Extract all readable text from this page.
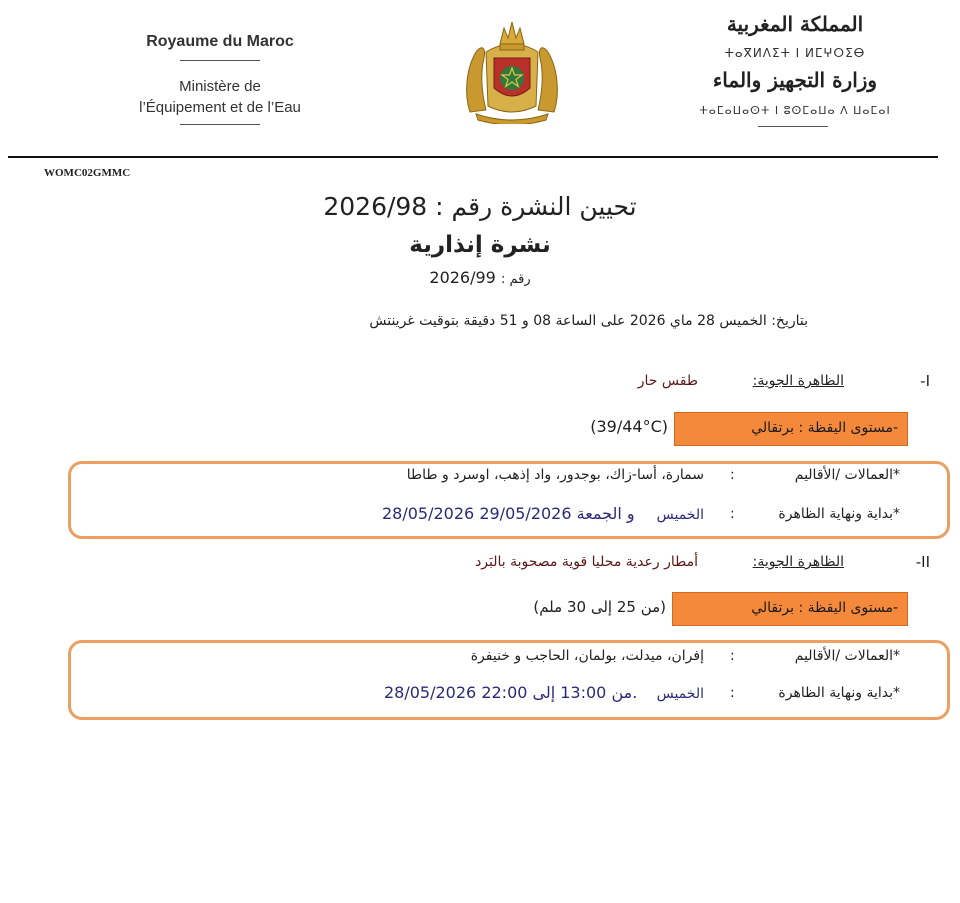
Royaume du Maroc
Ministère de
l’Équipement et de l’Eau
المملكة المغربية
ⵜⴰⴳⵍⴷⵉⵜ ⵏ ⵍⵎⵖⵔⵉⴱ
وزارة التجهيز والماء
ⵜⴰⵎⴰⵡⴰⵙⵜ ⵏ ⵓⵙⵎⴰⵡⴰ ⴷ ⵡⴰⵎⴰⵏ
WOMC02GMMC
تحيين النشرة رقم : 2026/98
نشرة إنذارية
رقم : 2026/99
بتاريخ: الخميس 28 ماي 2026 على الساعة 08 و 51 دقيقة بتوقيت غرينتش
I-
الظاهرة الجوية:
طقس حار
-مستوى اليقظة : برتقالي
(39/44°C)
*العمالات /الأقاليم
:
سمارة، أسا-زاك، بوجدور، واد إذهب، اوسرد و طاطا
*بداية ونهاية الظاهرة
:
الخميس
28/05/2026 و الجمعة 29/05/2026
II-
الظاهرة الجوية:
أمطار رعدية محليا قوية مصحوبة بالبَرد
-مستوى اليقظة : برتقالي
(من 25 إلى 30 ملم)
*العمالات /الأقاليم
:
إفران، ميدلت، بولمان، الحاجب و خنيفرة
*بداية ونهاية الظاهرة
:
الخميس
28/05/2026 من 13:00 إلى 22:00.
